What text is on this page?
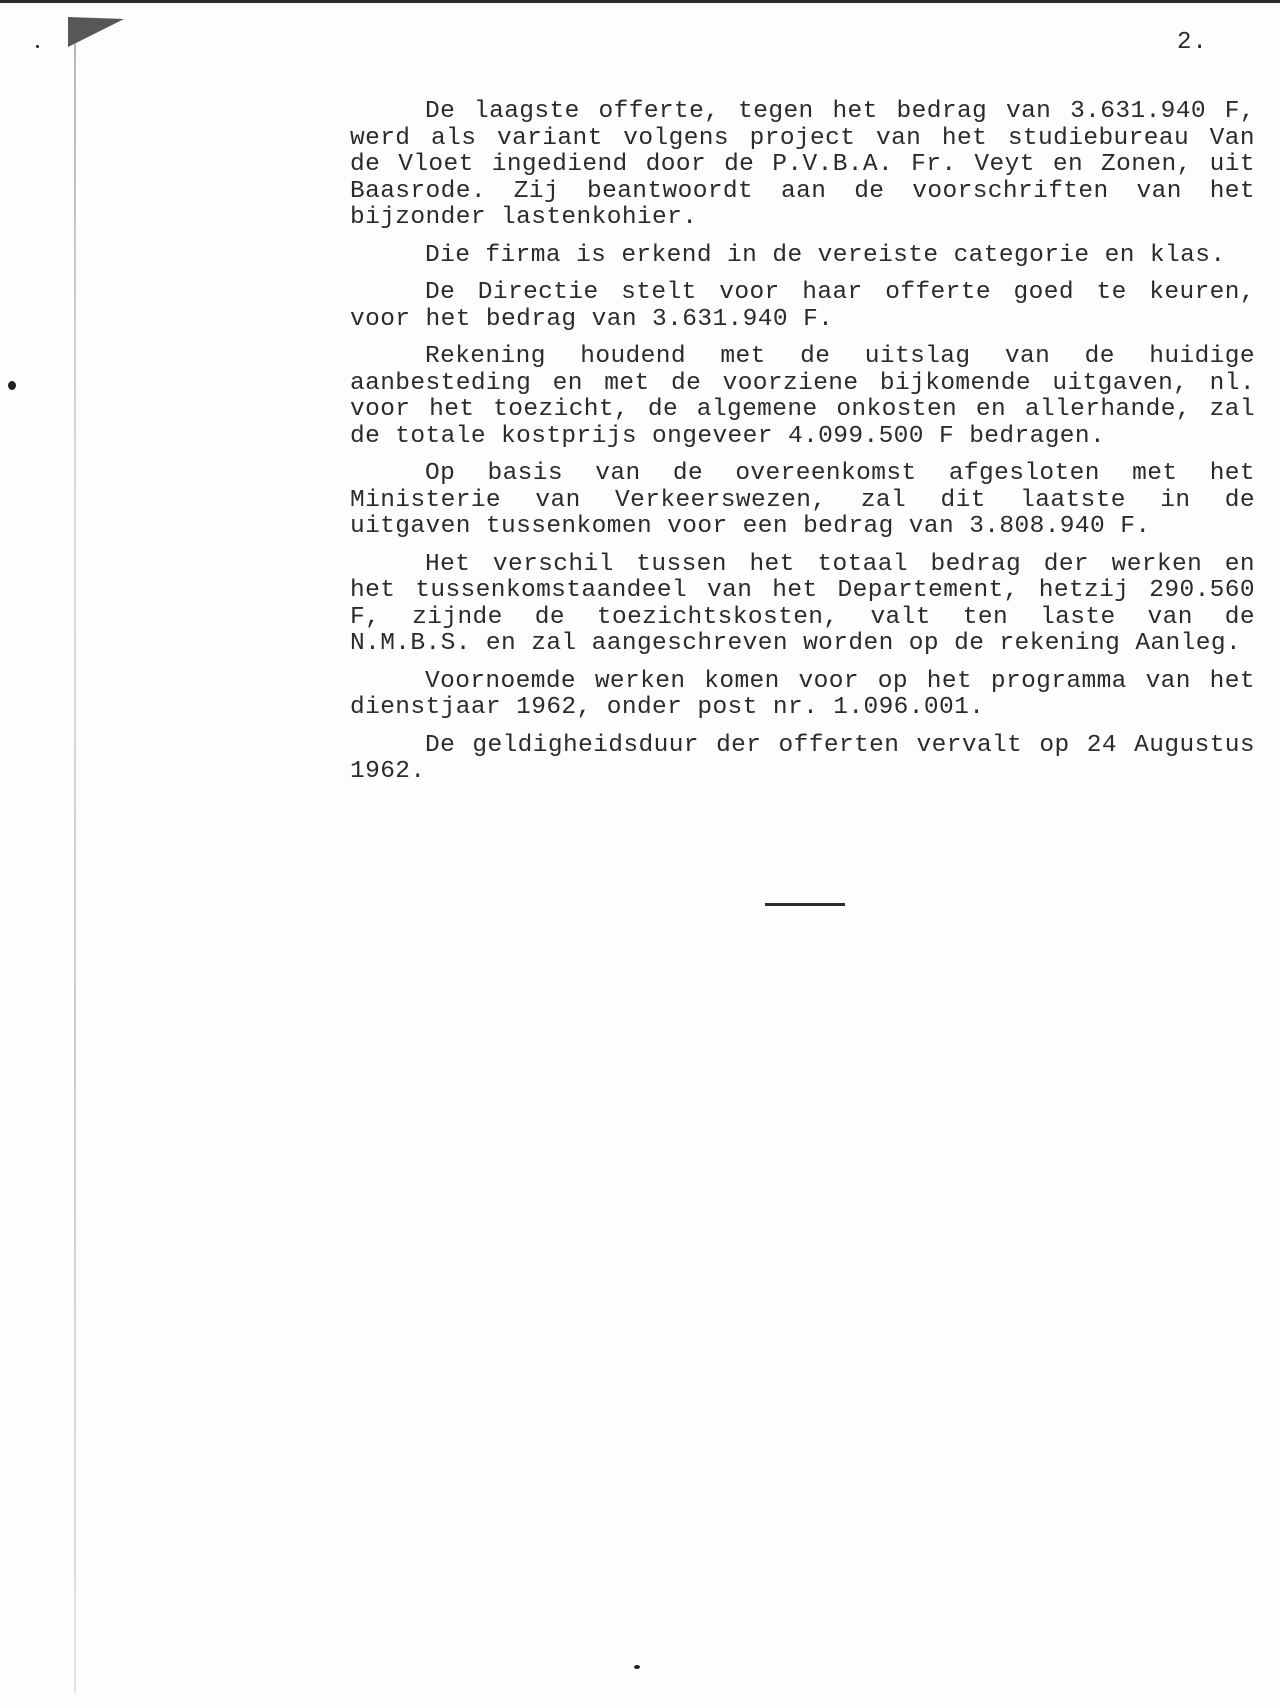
2.

De laagste offerte, tegen het bedrag van 3.631.940 F, werd als variant volgens project van het studiebureau Van de Vloet ingediend door de P.V.B.A. Fr. Veyt en Zonen, uit Baasrode. Zij beantwoordt aan de voorschriften van het bijzonder lastenkohier.

Die firma is erkend in de vereiste categorie en klas.

De Directie stelt voor haar offerte goed te keuren, voor het bedrag van 3.631.940 F.

Rekening houdend met de uitslag van de huidige aanbesteding en met de voorziene bijkomende uitgaven, nl. voor het toezicht, de algemene onkosten en allerhande, zal de totale kostprijs ongeveer 4.099.500 F bedragen.

Op basis van de overeenkomst afgesloten met het Ministerie van Verkeerswezen, zal dit laatste in de uitgaven tussenkomen voor een bedrag van 3.808.940 F.

Het verschil tussen het totaal bedrag der werken en het tussenkomstaandeel van het Departement, hetzij 290.560 F, zijnde de toezichtskosten, valt ten laste van de N.M.B.S. en zal aangeschreven worden op de rekening Aanleg.

Voornoemde werken komen voor op het programma van het dienstjaar 1962, onder post nr. 1.096.001.

De geldigheidsduur der offerten vervalt op 24 Augustus 1962.
